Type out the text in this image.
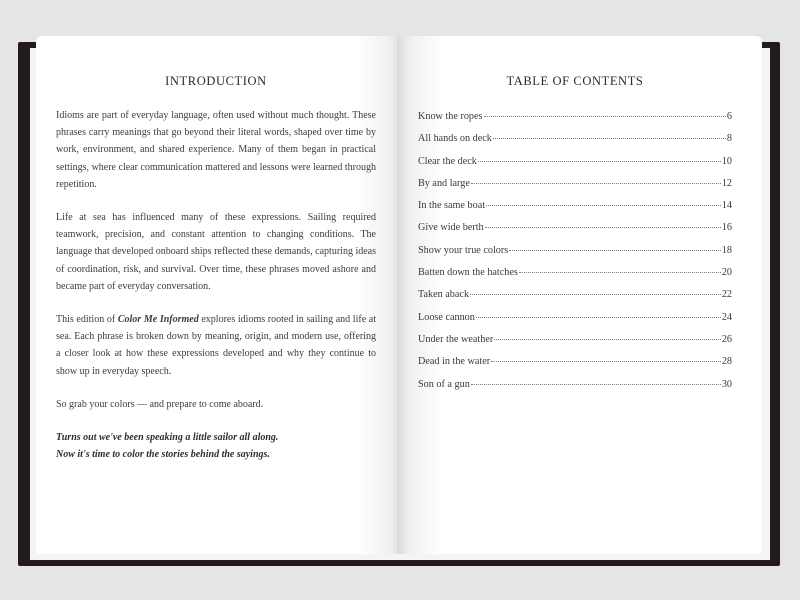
INTRODUCTION

Idioms are part of everyday language, often used without much thought. These phrases carry meanings that go beyond their literal words, shaped over time by work, environment, and shared experience. Many of them began in practical settings, where clear communication mattered and lessons were learned through repetition.

Life at sea has influenced many of these expressions. Sailing required teamwork, precision, and constant attention to changing conditions. The language that developed onboard ships reflected these demands, capturing ideas of coordination, risk, and survival. Over time, these phrases moved ashore and became part of everyday conversation.

This edition of Color Me Informed explores idioms rooted in sailing and life at sea. Each phrase is broken down by meaning, origin, and modern use, offering a closer look at how these expressions developed and why they continue to show up in everyday speech.

So grab your colors — and prepare to come aboard.

Turns out we've been speaking a little sailor all along.

Now it's time to color the stories behind the sayings.

TABLE OF CONTENTS
Know the ropes	6
All hands on deck	8
Clear the deck	10
By and large	12
In the same boat	14
Give wide berth	16
Show your true colors	18
Batten down the hatches	20
Taken aback	22
Loose cannon	24
Under the weather	26
Dead in the water	28
Son of a gun	30
